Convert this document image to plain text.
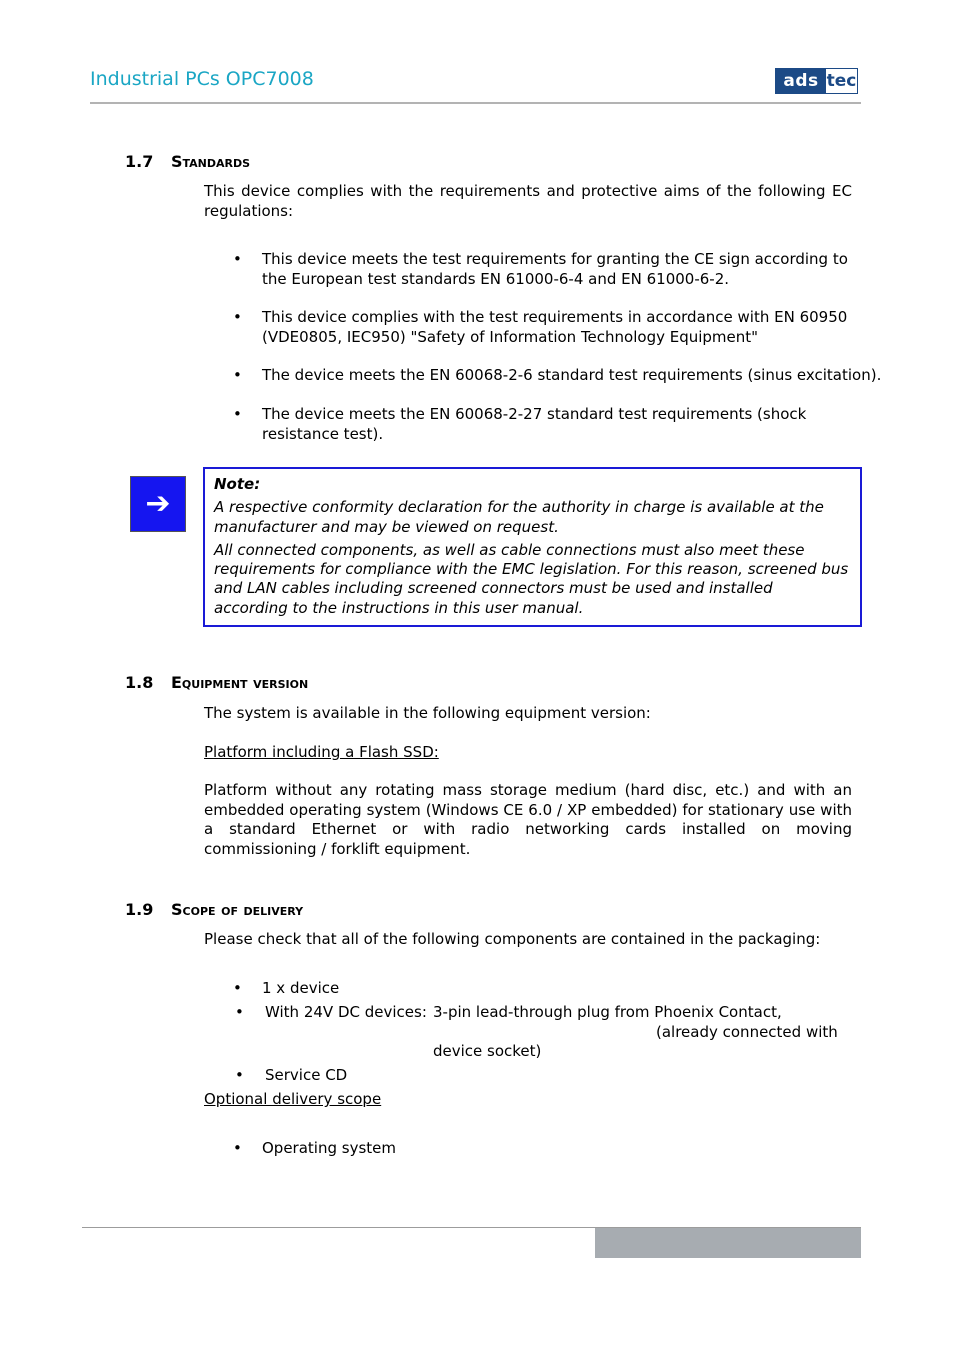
Industrial PCs OPC7008	ads tec
1.7 Standards
This device complies with the requirements and protective aims of the following EC regulations:
• This device meets the test requirements for granting the CE sign according to the European test standards EN 61000-6-4 and EN 61000-6-2.
• This device complies with the test requirements in accordance with EN 60950 (VDE0805, IEC950) "Safety of Information Technology Equipment"
• The device meets the EN 60068-2-6 standard test requirements (sinus excitation).
• The device meets the EN 60068-2-27 standard test requirements (shock resistance test).
➔
Note:

A respective conformity declaration for the authority in charge is available at the manufacturer and may be viewed on request.

All connected components, as well as cable connections must also meet these requirements for compliance with the EMC legislation. For this reason, screened bus and LAN cables including screened connectors must be used and installed according to the instructions in this user manual.

1.8 Equipment version
The system is available in the following equipment version:
Platform including a Flash SSD:
Platform without any rotating mass storage medium (hard disc, etc.) and with an embedded operating system (Windows CE 6.0 / XP embedded) for stationary use with a standard Ethernet or with radio networking cards installed on moving commissioning / forklift equipment.
1.9 Scope of delivery
Please check that all of the following components are contained in the packaging:
• 1 x device
• With 24V DC devices: 3-pin lead-through plug from Phoenix Contact,
(already connected with
device socket)
• Service CD
Optional delivery scope
• Operating system
